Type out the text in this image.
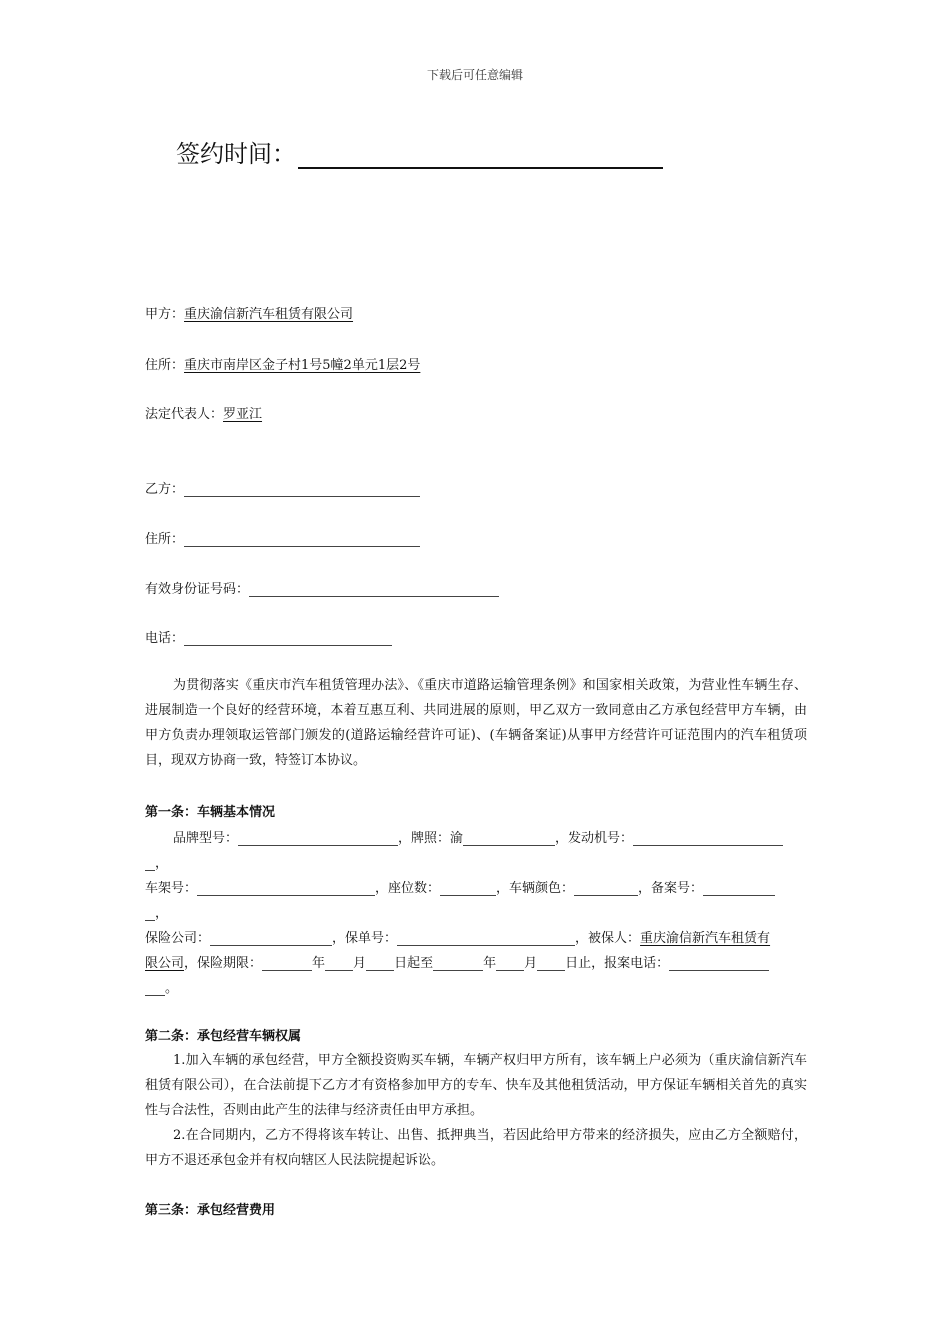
下载后可任意编辑
签约时间：
甲方：重庆渝信新汽车租赁有限公司
住所：重庆市南岸区金子村1号5幢2单元1层2号
法定代表人：罗亚江
乙方：
住所：
有效身份证号码：
电话：
为贯彻落实《重庆市汽车租赁管理办法》、《重庆市道路运输管理条例》和国家相关政策，为营业性车辆生存、进展制造一个良好的经营环境，本着互惠互利、共同进展的原则，甲乙双方一致同意由乙方承包经营甲方车辆，由甲方负责办理领取运管部门颁发的(道路运输经营许可证)、(车辆备案证)从事甲方经营许可证范围内的汽车租赁项目，现双方协商一致，特签订本协议。
第一条：车辆基本情况
品牌型号：	，牌照：渝	，发动机号：
，
车架号：	，座位数：	，车辆颜色：	，备案号：
，
保险公司：	，保单号：	，被保人：重庆渝信新汽车租赁有
限公司，保险期限：	年 月 日起至	年 月 日止，报案电话：
。
第二条：承包经营车辆权属
1.加入车辆的承包经营，甲方全额投资购买车辆，车辆产权归甲方所有，该车辆上户必须为（重庆渝信新汽车租赁有限公司），在合法前提下乙方才有资格参加甲方的专车、快车及其他租赁活动，甲方保证车辆相关首先的真实性与合法性，否则由此产生的法律与经济责任由甲方承担。
2.在合同期内，乙方不得将该车转让、出售、抵押典当，若因此给甲方带来的经济损失，应由乙方全额赔付，甲方不退还承包金并有权向辖区人民法院提起诉讼。
第三条：承包经营费用
